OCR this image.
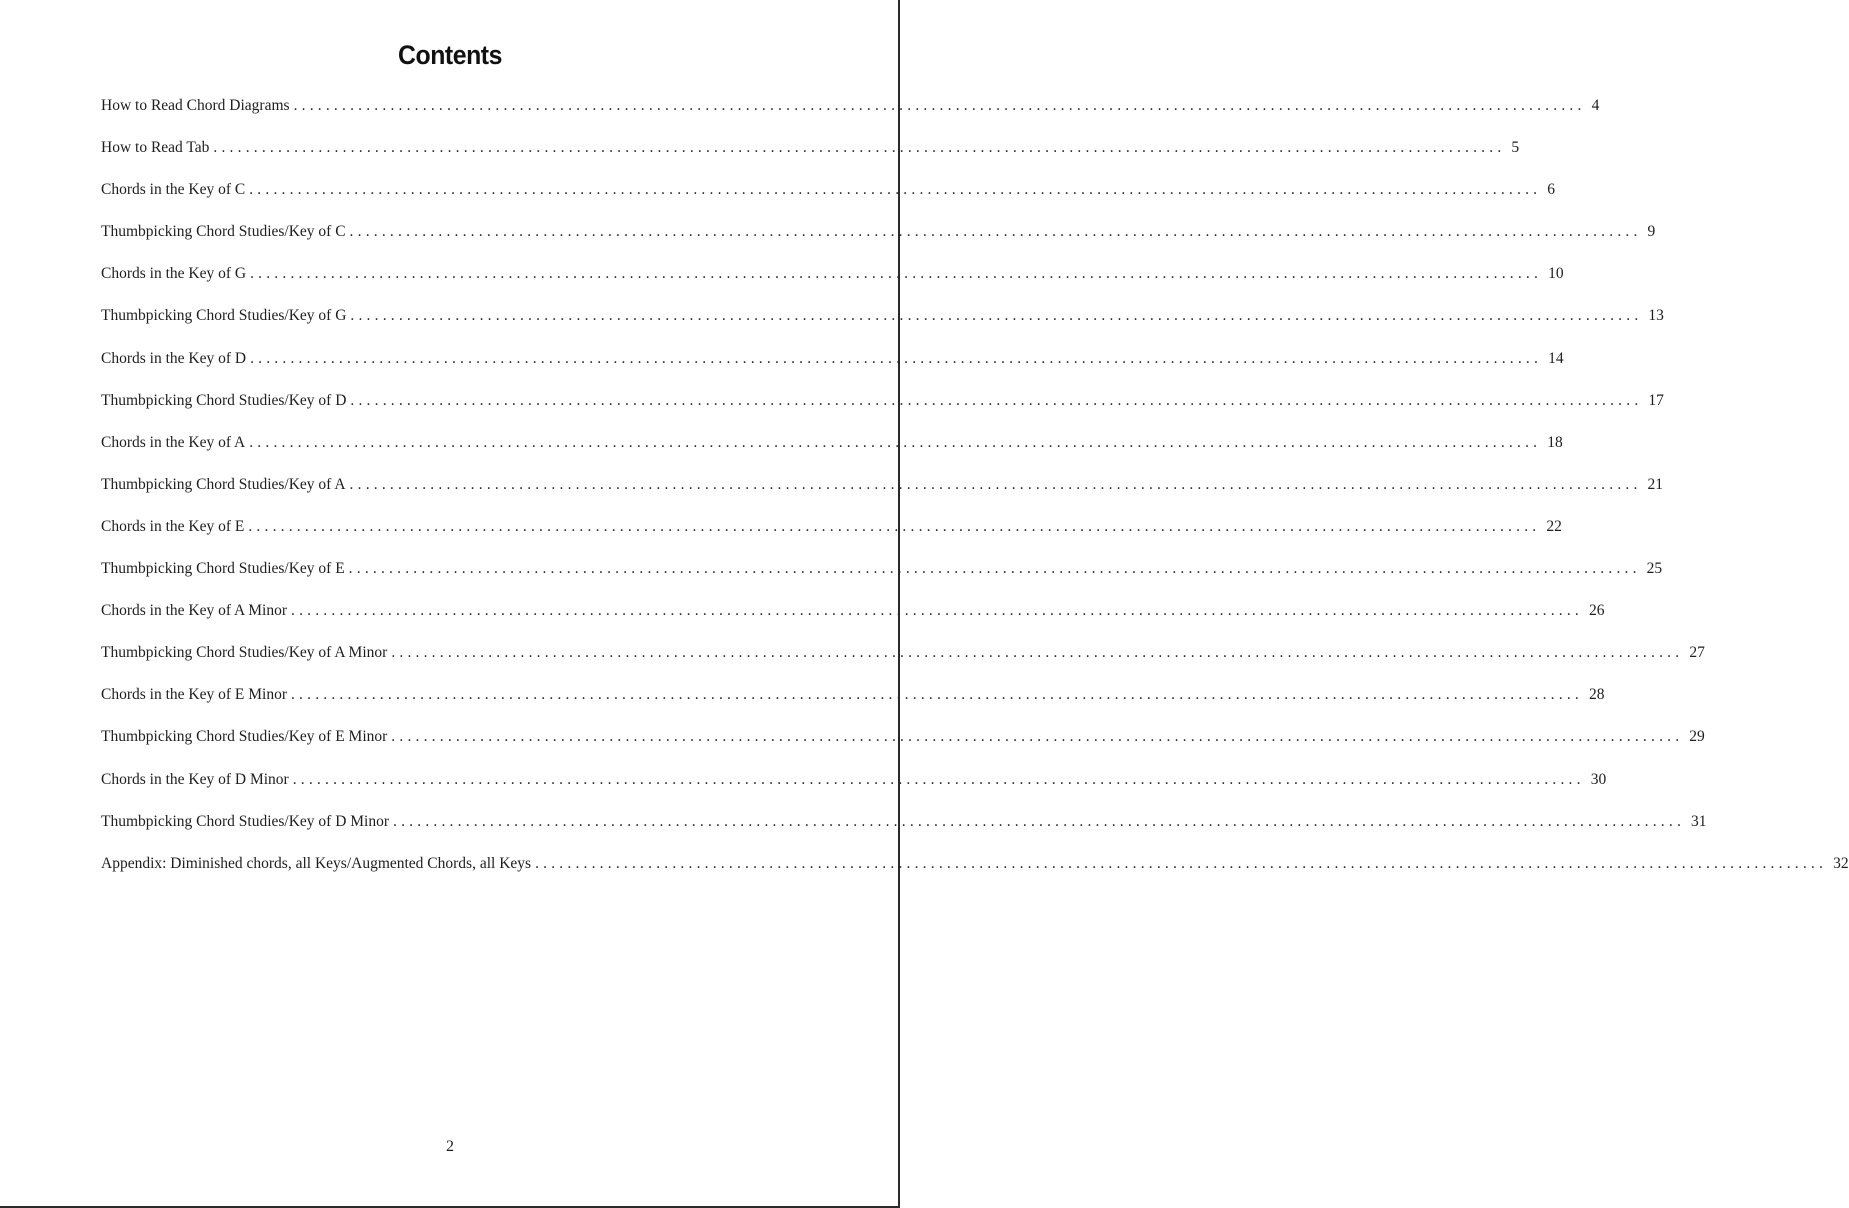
Contents
How to Read Chord Diagrams ................................................................................................................................................................ 4
How to Read Tab ................................................................................................................................................................ 5
Chords in the Key of C ................................................................................................................................................................ 6
Thumbpicking Chord Studies/Key of C ................................................................................................................................................................ 9
Chords in the Key of G ................................................................................................................................................................ 10
Thumbpicking Chord Studies/Key of G ................................................................................................................................................................ 13
Chords in the Key of D ................................................................................................................................................................ 14
Thumbpicking Chord Studies/Key of D ................................................................................................................................................................ 17
Chords in the Key of A ................................................................................................................................................................ 18
Thumbpicking Chord Studies/Key of A ................................................................................................................................................................ 21
Chords in the Key of E ................................................................................................................................................................ 22
Thumbpicking Chord Studies/Key of E ................................................................................................................................................................ 25
Chords in the Key of A Minor ................................................................................................................................................................ 26
Thumbpicking Chord Studies/Key of A Minor ................................................................................................................................................................ 27
Chords in the Key of E Minor ................................................................................................................................................................ 28
Thumbpicking Chord Studies/Key of E Minor ................................................................................................................................................................ 29
Chords in the Key of D Minor ................................................................................................................................................................ 30
Thumbpicking Chord Studies/Key of D Minor ................................................................................................................................................................ 31
Appendix: Diminished chords, all Keys/Augmented Chords, all Keys ................................................................................................................................................................ 32
2
